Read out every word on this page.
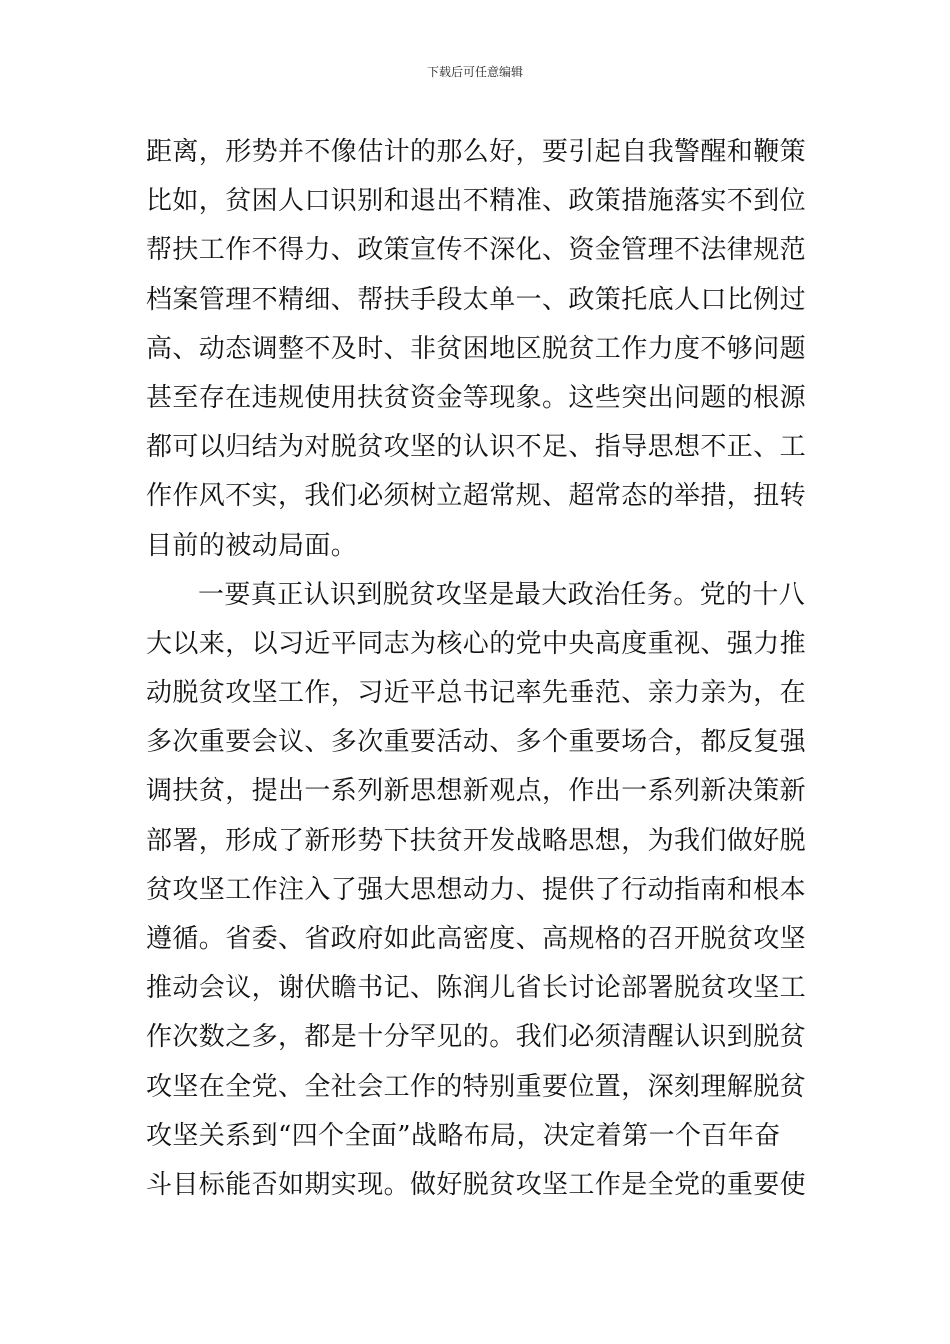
下载后可任意编辑
距离，形势并不像估计的那么好，要引起自我警醒和鞭策
比如，贫困人口识别和退出不精准、政策措施落实不到位
帮扶工作不得力、政策宣传不深化、资金管理不法律规范
档案管理不精细、帮扶手段太单一、政策托底人口比例过
高、动态调整不及时、非贫困地区脱贫工作力度不够问题
甚至存在违规使用扶贫资金等现象。这些突出问题的根源
都可以归结为对脱贫攻坚的认识不足、指导思想不正、工
作作风不实，我们必须树立超常规、超常态的举措，扭转
目前的被动局面。
一要真正认识到脱贫攻坚是最大政治任务。党的十八
大以来，以习近平同志为核心的党中央高度重视、强力推
动脱贫攻坚工作，习近平总书记率先垂范、亲力亲为，在
多次重要会议、多次重要活动、多个重要场合，都反复强
调扶贫，提出一系列新思想新观点，作出一系列新决策新
部署，形成了新形势下扶贫开发战略思想，为我们做好脱
贫攻坚工作注入了强大思想动力、提供了行动指南和根本
遵循。省委、省政府如此高密度、高规格的召开脱贫攻坚
推动会议，谢伏瞻书记、陈润儿省长讨论部署脱贫攻坚工
作次数之多，都是十分罕见的。我们必须清醒认识到脱贫
攻坚在全党、全社会工作的特别重要位置，深刻理解脱贫
攻坚关系到“四个全面”战略布局，决定着第一个百年奋
斗目标能否如期实现。做好脱贫攻坚工作是全党的重要使
